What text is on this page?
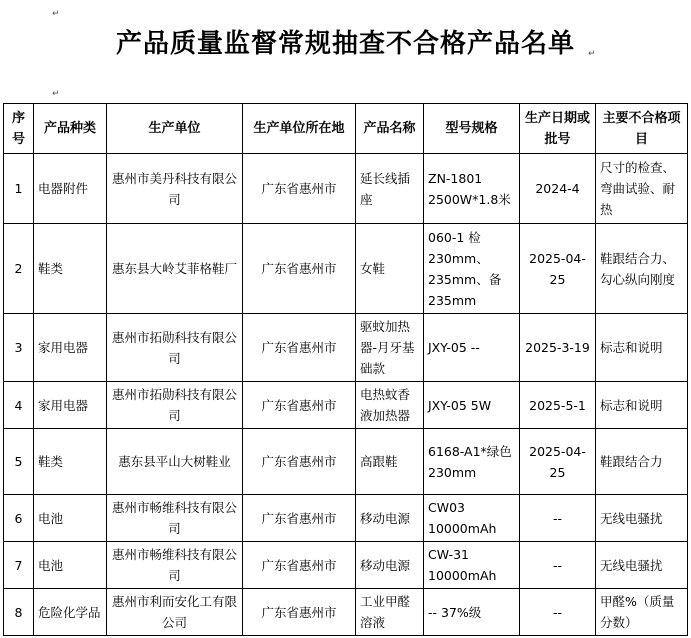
↵
↵
产品质量监督常规抽查不合格产品名单	↵
序号	产品种类	生产单位	生产单位所在地	产品名称	型号规格	生产日期或批号	主要不合格项目
1	电器附件	惠州市美丹科技有限公司	广东省惠州市	延长线插座	ZN-1801 2500W*1.8米	2024-4	尺寸的检查、弯曲试验、耐热
2	鞋类	惠东县大岭艾菲格鞋厂	广东省惠州市	女鞋	060-1 检 230mm、235mm、备 235mm	2025-04-25	鞋跟结合力、勾心纵向刚度
3	家用电器	惠州市拓勋科技有限公司	广东省惠州市	驱蚊加热器-月牙基础款	JXY-05 --	2025-3-19	标志和说明
4	家用电器	惠州市拓勋科技有限公司	广东省惠州市	电热蚊香液加热器	JXY-05 5W	2025-5-1	标志和说明
5	鞋类	惠东县平山大树鞋业	广东省惠州市	高跟鞋	6168-A1*绿色 230mm	2025-04-25	鞋跟结合力
6	电池	惠州市畅维科技有限公司	广东省惠州市	移动电源	CW03 10000mAh	--	无线电骚扰
7	电池	惠州市畅维科技有限公司	广东省惠州市	移动电源	CW-31 10000mAh	--	无线电骚扰
8	危险化学品	惠州市利而安化工有限公司	广东省惠州市	工业甲醛溶液	-- 37%级	--	甲醛%（质量分数）
